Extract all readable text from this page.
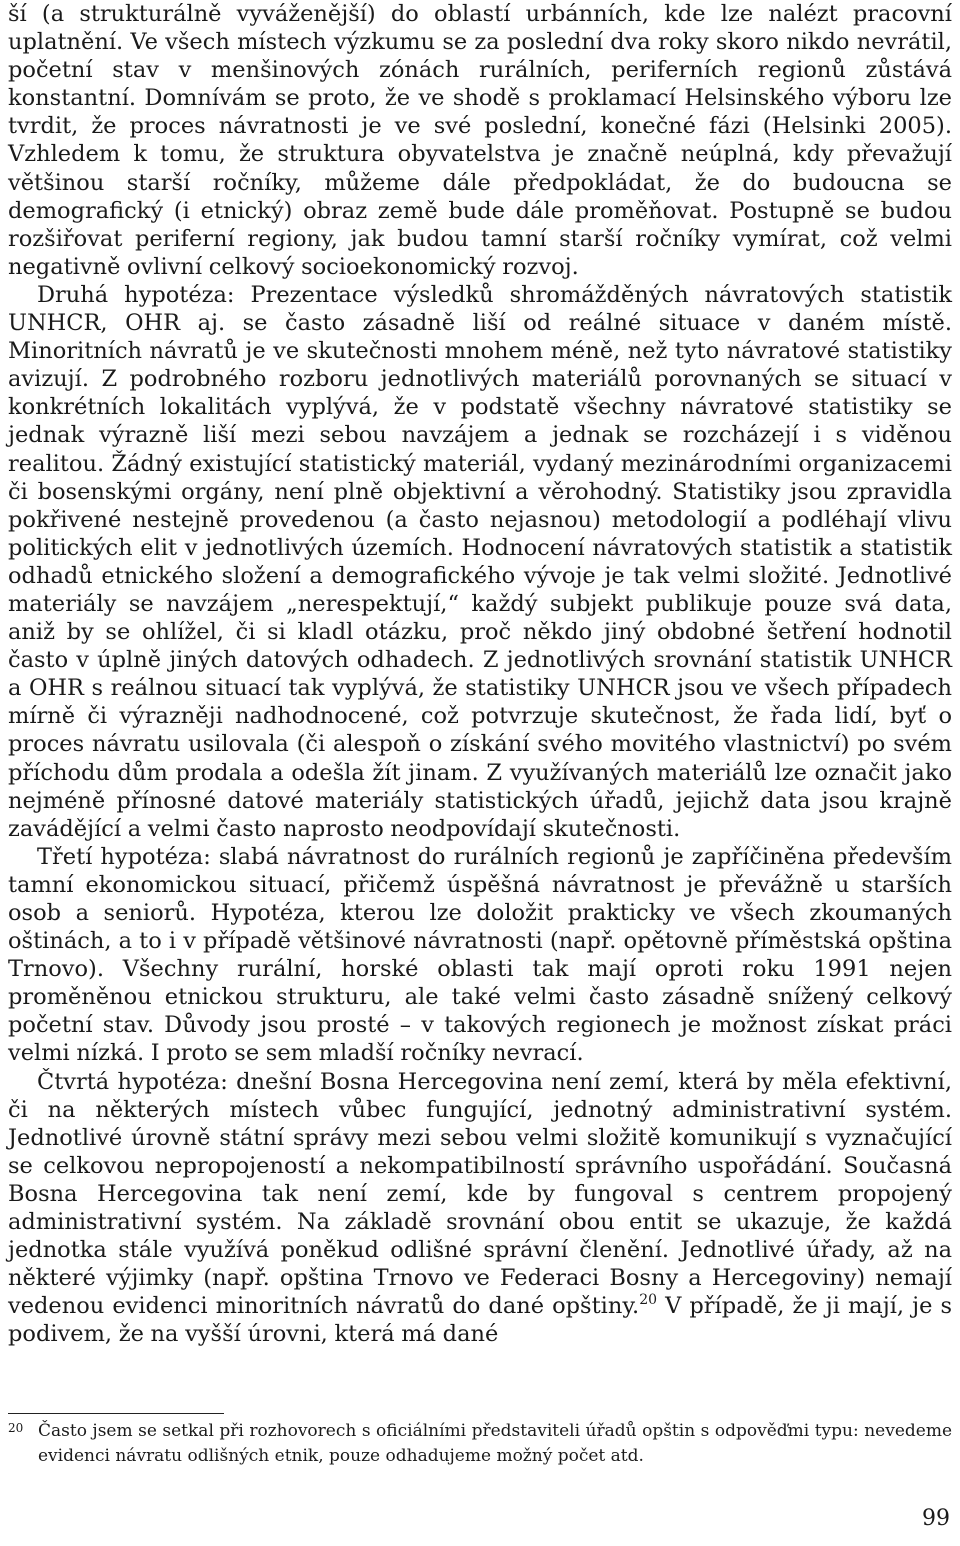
ší (a strukturálně vyváženější) do oblastí urbánních, kde lze nalézt pracovní uplatnění. Ve všech místech výzkumu se za poslední dva roky skoro nikdo nevrátil, početní stav v menšinových zónách rurálních, periferních regionů zůstává konstantní. Domnívám se proto, že ve shodě s proklamací Helsinského výboru lze tvrdit, že proces návratnosti je ve své poslední, konečné fázi (Helsinki 2005). Vzhledem k tomu, že struktura obyvatelstva je značně neúplná, kdy převažují většinou starší ročníky, můžeme dále předpokládat, že do budoucna se demografický (i etnický) obraz země bude dále proměňovat. Postupně se budou rozšiřovat periferní regiony, jak budou tamní starší ročníky vymírat, což velmi negativně ovlivní celkový socioekonomický rozvoj.

Druhá hypotéza: Prezentace výsledků shromážděných návratových statistik UNHCR, OHR aj. se často zásadně liší od reálné situace v daném místě. Minoritních návratů je ve skutečnosti mnohem méně, než tyto návratové statistiky avizují. Z podrobného rozboru jednotlivých materiálů porovnaných se situací v konkrétních lokalitách vyplývá, že v podstatě všechny návratové statistiky se jednak výrazně liší mezi sebou navzájem a jednak se rozcházejí i s viděnou realitou. Žádný existující statistický materiál, vydaný mezinárodními organizacemi či bosenskými orgány, není plně objektivní a věrohodný. Statistiky jsou zpravidla pokřivené nestejně provedenou (a často nejasnou) metodologií a podléhají vlivu politických elit v jednotlivých územích. Hodnocení návratových statistik a statistik odhadů etnického složení a demografického vývoje je tak velmi složité. Jednotlivé materiály se navzájem „nerespektují,“ každý subjekt publikuje pouze svá data, aniž by se ohlížel, či si kladl otázku, proč někdo jiný obdobné šetření hodnotil často v úplně jiných datových odhadech. Z jednotlivých srovnání statistik UNHCR a OHR s reálnou situací tak vyplývá, že statistiky UNHCR jsou ve všech případech mírně či výrazněji nadhodnocené, což potvrzuje skutečnost, že řada lidí, byť o proces návratu usilovala (či alespoň o získání svého movitého vlastnictví) po svém příchodu dům prodala a odešla žít jinam. Z využívaných materiálů lze označit jako nejméně přínosné datové materiály statistických úřadů, jejichž data jsou krajně zavádějící a velmi často naprosto neodpovídají skutečnosti.

Třetí hypotéza: slabá návratnost do rurálních regionů je zapříčiněna především tamní ekonomickou situací, přičemž úspěšná návratnost je převážně u starších osob a seniorů. Hypotéza, kterou lze doložit prakticky ve všech zkoumaných oštinách, a to i v případě většinové návratnosti (např. opětovně příměstská opština Trnovo). Všechny rurální, horské oblasti tak mají oproti roku 1991 nejen proměněnou etnickou strukturu, ale také velmi často zásadně snížený celkový početní stav. Důvody jsou prosté – v takových regionech je možnost získat práci velmi nízká. I proto se sem mladší ročníky nevrací.

Čtvrtá hypotéza: dnešní Bosna Hercegovina není zemí, která by měla efektivní, či na některých místech vůbec fungující, jednotný administrativní systém. Jednotlivé úrovně státní správy mezi sebou velmi složitě komunikují s vyznačující se celkovou nepropojeností a nekompatibilností správního uspořádání. Současná Bosna Hercegovina tak není zemí, kde by fungoval s centrem propojený administrativní systém. Na základě srovnání obou entit se ukazuje, že každá jednotka stále využívá poněkud odlišné správní členění. Jednotlivé úřady, až na některé výjimky (např. opština Trnovo ve Federaci Bosny a Hercegoviny) nemají vedenou evidenci minoritních návratů do dané opštiny.$^{20}$ V případě, že ji mají, je s podivem, že na vyšší úrovni, která má dané

20 Často jsem se setkal při rozhovorech s oficiálními představiteli úřadů opštin s odpověďmi typu: nevedeme evidenci návratu odlišných etnik, pouze odhadujeme možný počet atd.
99
